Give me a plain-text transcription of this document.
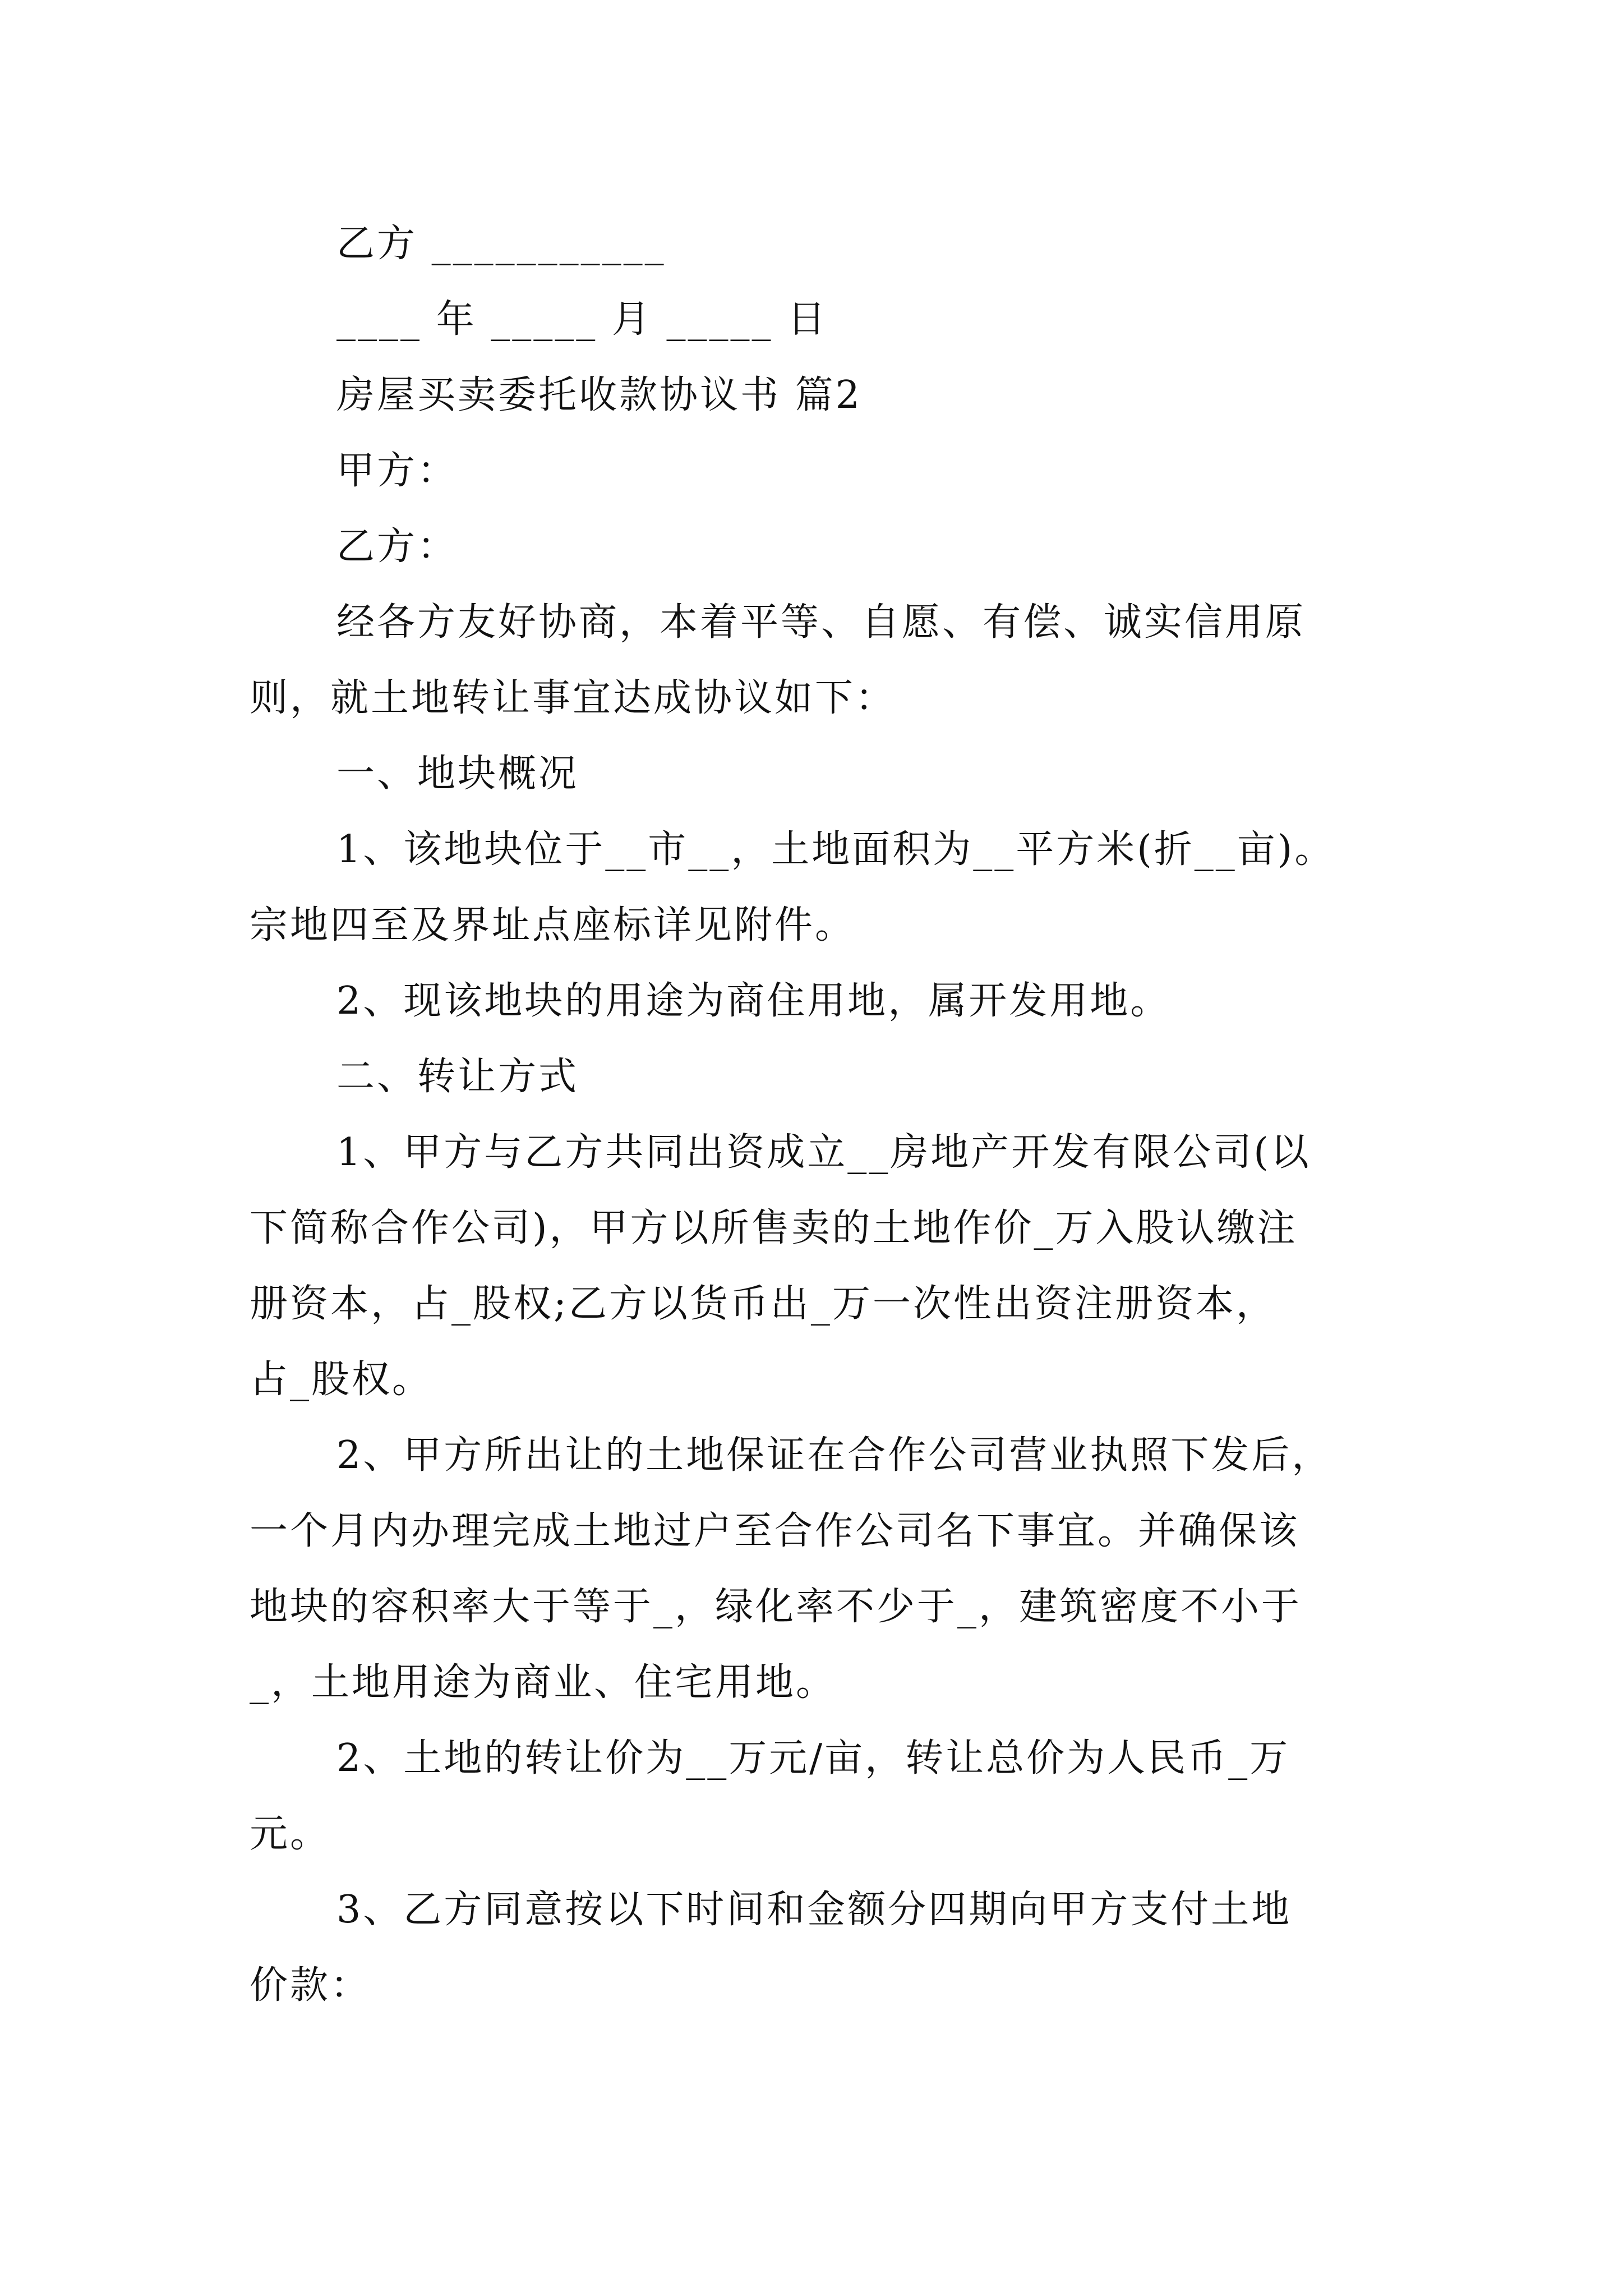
乙方 ___________
____ 年 _____ 月 _____ 日
房屋买卖委托收款协议书 篇2
甲方：
乙方：
经各方友好协商，本着平等、自愿、有偿、诚实信用原
则，就土地转让事宜达成协议如下：
一、地块概况
1、该地块位于__市__，土地面积为__平方米(折__亩)。
宗地四至及界址点座标详见附件。
2、现该地块的用途为商住用地，属开发用地。
二、转让方式
1、甲方与乙方共同出资成立__房地产开发有限公司(以
下简称合作公司)，甲方以所售卖的土地作价_万入股认缴注
册资本，占_股权;乙方以货币出_万一次性出资注册资本，
占_股权。
2、甲方所出让的土地保证在合作公司营业执照下发后，
一个月内办理完成土地过户至合作公司名下事宜。并确保该
地块的容积率大于等于_，绿化率不少于_，建筑密度不小于
_，土地用途为商业、住宅用地。
2、土地的转让价为__万元/亩，转让总价为人民币_万
元。
3、乙方同意按以下时间和金额分四期向甲方支付土地
价款：
